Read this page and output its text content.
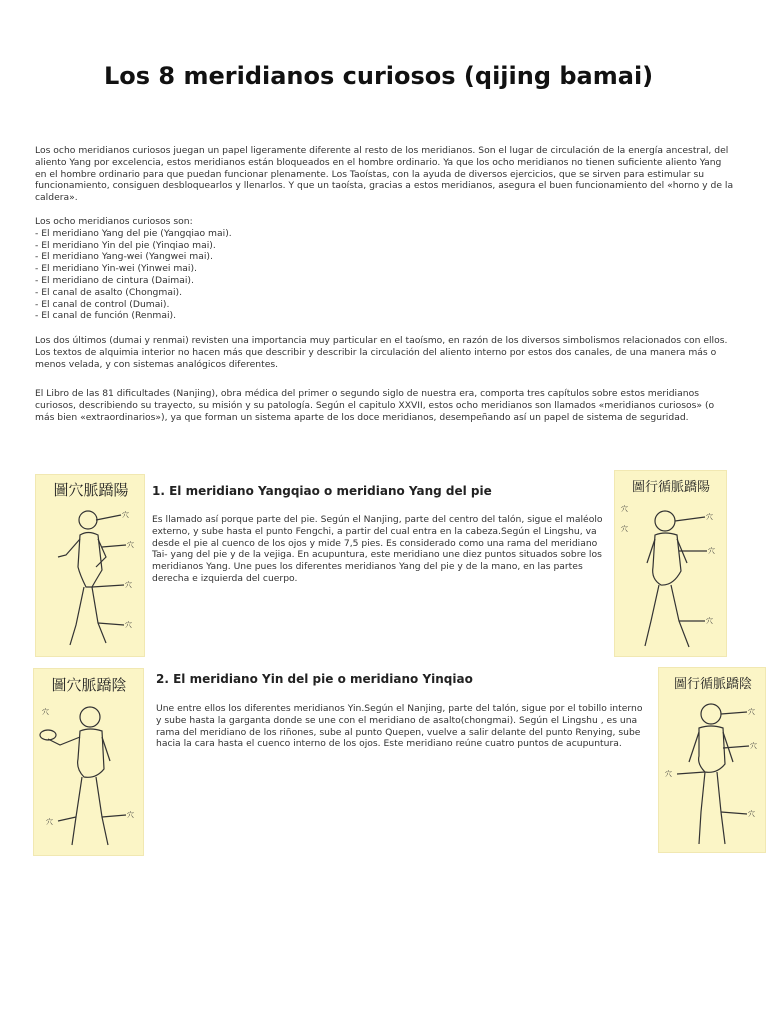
Los 8 meridianos curiosos (qijing bamai)

Los ocho meridianos curiosos juegan un papel ligeramente diferente al resto de los meridianos. Son el lugar de circulación de la energía ancestral, del aliento Yang por excelencia, estos meridianos están bloqueados en el hombre ordinario. Ya que los ocho meridianos no tienen suficiente aliento Yang en el hombre ordinario para que puedan funcionar plenamente. Los Taoístas, con la ayuda de diversos ejercicios, que se sirven para estimular su funcionamiento, consiguen desbloquearlos y llenarlos. Y que un taoísta, gracias a estos meridianos, asegura el buen funcionamiento del «horno y de la caldera».

Los ocho meridianos curiosos son:

- El meridiano Yang del pie (Yangqiao mai).
- El meridiano Yin del pie (Yinqiao mai).
- El meridiano Yang-wei (Yangwei mai).
- El meridiano Yin-wei (Yinwei mai).
- El meridiano de cintura (Daimai).
- El canal de asalto (Chongmai).
- El canal de control (Dumai).
- El canal de función (Renmai).

Los dos últimos (dumai y renmai) revisten una importancia muy particular en el taoísmo, en razón de los diversos simbolismos relacionados con ellos. Los textos de alquimia interior no hacen más que describir y describir la circulación del aliento interno por estos dos canales, de una manera más o menos velada, y con sistemas analógicos diferentes.

El Libro de las 81 dificultades (Nanjing), obra médica del primer o segundo siglo de nuestra era, comporta tres capítulos sobre estos meridianos curiosos, describiendo su trayecto, su misión y su patología. Según el capitulo XXVII, estos ocho meridianos son llamados «meridianos curiosos» (o más bien «extraordinarios»), ya que forman un sistema aparte de los doce meridianos, desempeñando así un papel de sistema de seguridad.

圖穴脈蹻陽
穴
穴
穴
穴
1. El meridiano Yangqiao o meridiano Yang del pie
Es llamado así porque parte del pie. Según el Nanjing, parte del centro del talón, sigue el maléolo externo, y sube hasta el punto Fengchi, a partir del cual entra en la cabeza.Según el Lingshu, va desde el pie al cuenco de los ojos y mide 7,5 pies. Es considerado como una rama del meridiano Tai- yang del pie y de la vejiga. En acupuntura, este meridiano une diez puntos situados sobre los meridianos Yang. Une pues los diferentes meridianos Yang del pie y de la mano, en las partes derecha e izquierda del cuerpo.
圖行循脈蹻陽
穴
穴
穴
穴
穴
圖穴脈蹻陰
穴
穴
穴
2. El meridiano Yin del pie o meridiano Yinqiao
Une entre ellos los diferentes meridianos Yin.Según el Nanjing, parte del talón, sigue por el tobillo interno y sube hasta la garganta donde se une con el meridiano de asalto(chongmai). Según el Lingshu , es una rama del meridiano de los riñones, sube al punto Quepen, vuelve a salir delante del punto Renying, sube hacia la cara hasta el cuenco interno de los ojos. Este meridiano reúne cuatro puntos de acupuntura.
圖行循脈蹻陰
穴
穴
穴
穴
